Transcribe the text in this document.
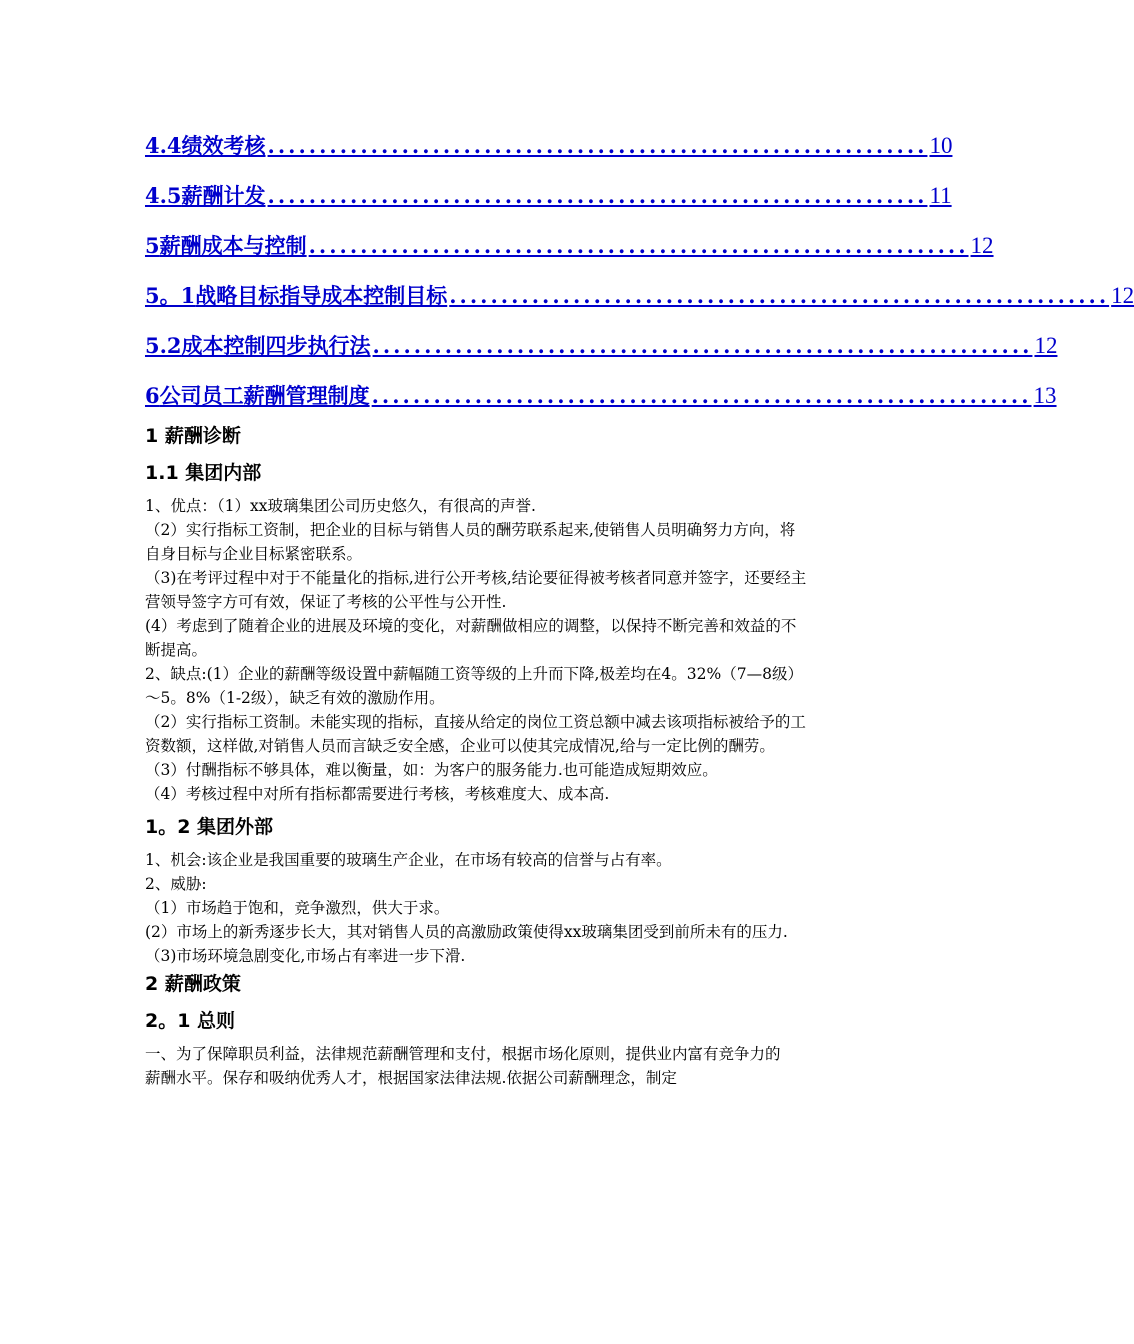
4.4 绩效考核 ................................................................ 10
4.5 薪酬计发 ................................................................ 11
5 薪酬成本与控制 ................................................................ 12
5。1 战略目标指导成本控制目标 ................................................................ 12
5.2 成本控制四步执行法 ................................................................ 12
6 公司员工薪酬管理制度 ................................................................ 13
1 薪酬诊断
1.1 集团内部

1、优点：（1）xx玻璃集团公司历史悠久，有很高的声誉.

（2）实行指标工资制，把企业的目标与销售人员的酬劳联系起来,使销售人员明确努力方向，将自身目标与企业目标紧密联系。

（3)在考评过程中对于不能量化的指标,进行公开考核,结论要征得被考核者同意并签字，还要经主营领导签字方可有效，保证了考核的公平性与公开性.

(4）考虑到了随着企业的进展及环境的变化，对薪酬做相应的调整，以保持不断完善和效益的不断提高。

2、缺点:(1）企业的薪酬等级设置中薪幅随工资等级的上升而下降,极差均在4。32%（7—8级）～5。8%（1-2级），缺乏有效的激励作用。

（2）实行指标工资制。未能实现的指标，直接从给定的岗位工资总额中减去该项指标被给予的工资数额，这样做,对销售人员而言缺乏安全感，企业可以使其完成情况,给与一定比例的酬劳。

（3）付酬指标不够具体，难以衡量，如：为客户的服务能力.也可能造成短期效应。

（4）考核过程中对所有指标都需要进行考核，考核难度大、成本高.

1。2 集团外部

1、机会:该企业是我国重要的玻璃生产企业，在市场有较高的信誉与占有率。

2、威胁:

（1）市场趋于饱和，竞争激烈，供大于求。

(2）市场上的新秀逐步长大，其对销售人员的高激励政策使得xx玻璃集团受到前所未有的压力.

（3)市场环境急剧变化,市场占有率进一步下滑.

2 薪酬政策
2。1 总则

一、为了保障职员利益，法律规范薪酬管理和支付，根据市场化原则，提供业内富有竞争力的

薪酬水平。保存和吸纳优秀人才，根据国家法律法规.依据公司薪酬理念，制定
